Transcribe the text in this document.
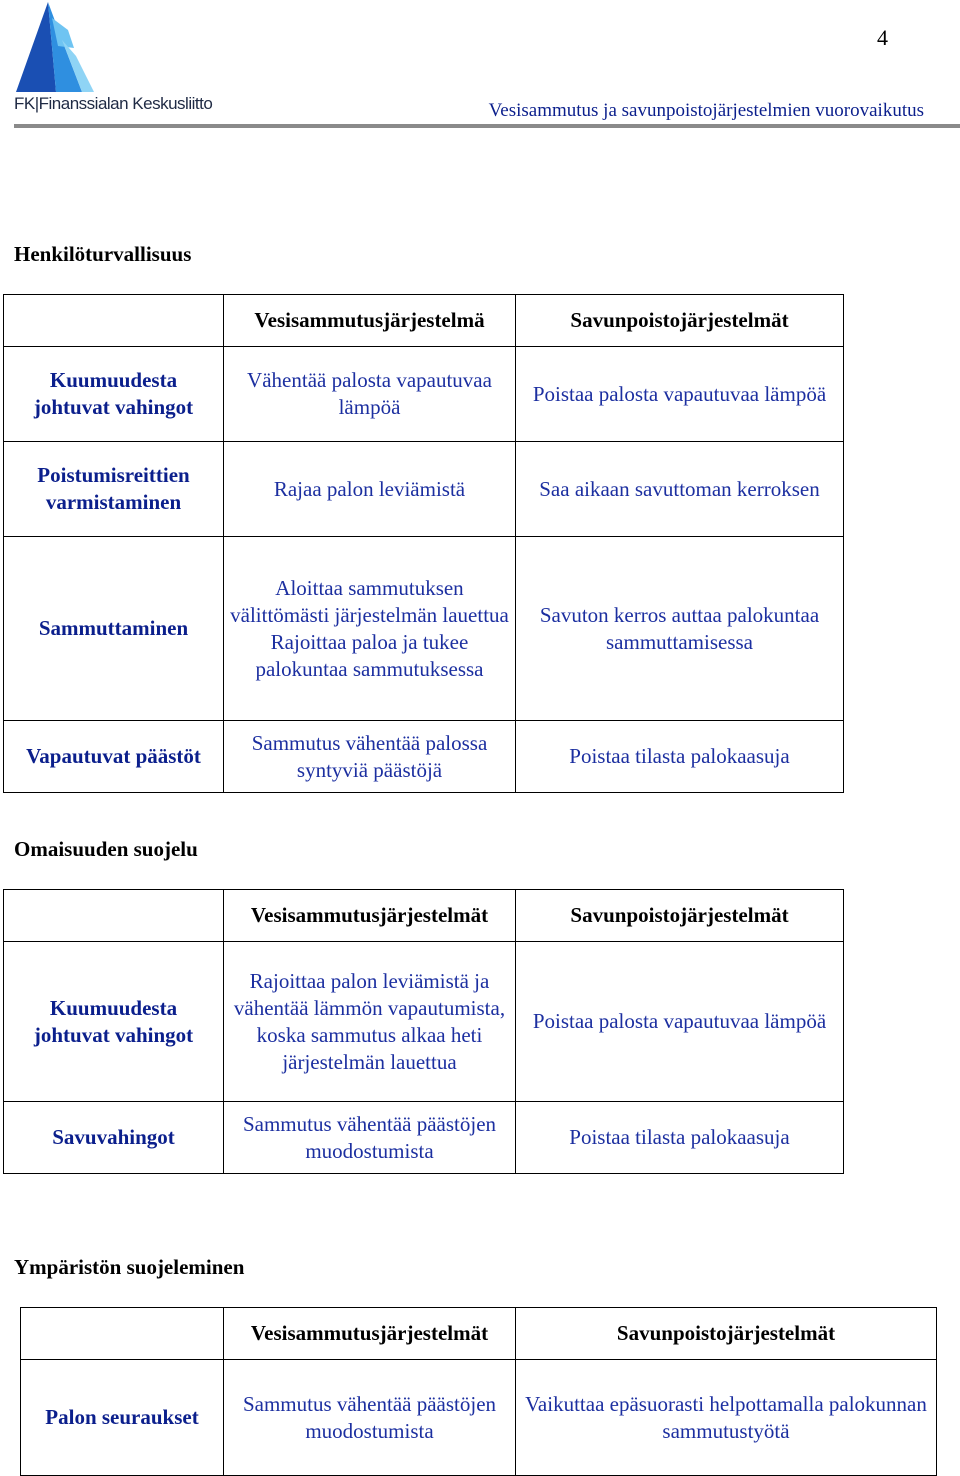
FK|Finanssialan Keskusliitto
4
Vesisammutus ja savunpoistojärjestelmien vuorovaikutus
Henkilöturvallisuus
	Vesisammutusjärjestelmä	Savunpoistojärjestelmät
Kuumuudesta johtuvat vahingot	Vähentää palosta vapautuvaa lämpöä	Poistaa palosta vapautuvaa lämpöä
Poistumisreittien varmistaminen	Rajaa palon leviämistä	Saa aikaan savuttoman kerroksen
Sammuttaminen	Aloittaa sammutuksen välittömästi järjestelmän lauettua Rajoittaa paloa ja tukee palokuntaa sammutuksessa	Savuton kerros auttaa palokuntaa sammuttamisessa
Vapautuvat päästöt	Sammutus vähentää palossa syntyviä päästöjä	Poistaa tilasta palokaasuja
Omaisuuden suojelu
	Vesisammutusjärjestelmät	Savunpoistojärjestelmät
Kuumuudesta johtuvat vahingot	Rajoittaa palon leviämistä ja vähentää lämmön vapautumista, koska sammutus alkaa heti järjestelmän lauettua	Poistaa palosta vapautuvaa lämpöä
Savuvahingot	Sammutus vähentää päästöjen muodostumista	Poistaa tilasta palokaasuja
Ympäristön suojeleminen
	Vesisammutusjärjestelmät	Savunpoistojärjestelmät
Palon seuraukset	Sammutus vähentää päästöjen muodostumista	Vaikuttaa epäsuorasti helpottamalla palokunnan sammutustyötä
